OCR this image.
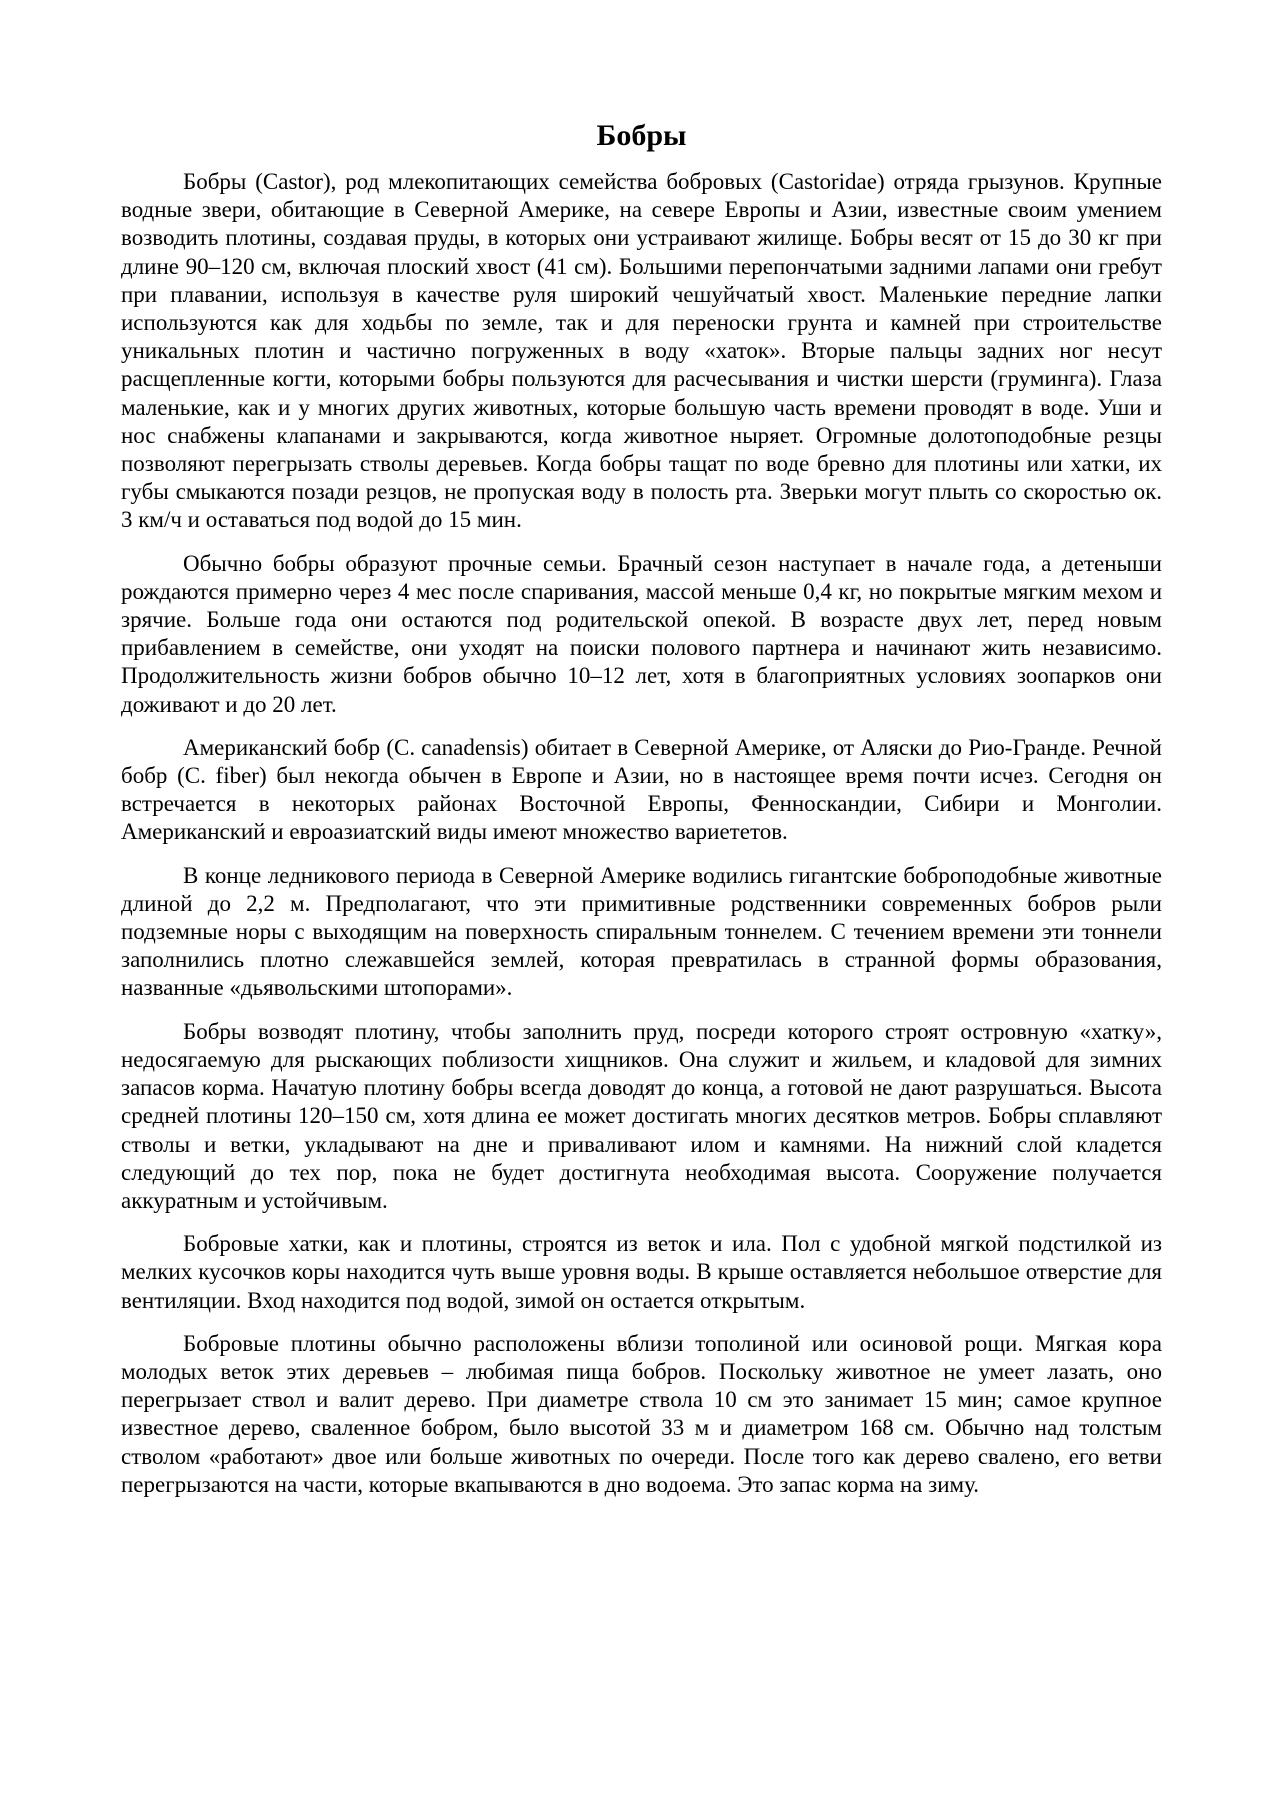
Бобры

Бобры (Castor), род млекопитающих семейства бобровых (Castoridae) отряда грызунов. Крупные водные звери, обитающие в Северной Америке, на севере Европы и Азии, известные своим умением возводить плотины, создавая пруды, в которых они устраивают жилище. Бобры весят от 15 до 30 кг при длине 90–120 см, включая плоский хвост (41 см). Большими перепончатыми задними лапами они гребут при плавании, используя в качестве руля широкий чешуйчатый хвост. Маленькие передние лапки используются как для ходьбы по земле, так и для переноски грунта и камней при строительстве уникальных плотин и частично погруженных в воду «хаток». Вторые пальцы задних ног несут расщепленные когти, которыми бобры пользуются для расчесывания и чистки шерсти (груминга). Глаза маленькие, как и у многих других животных, которые большую часть времени проводят в воде. Уши и нос снабжены клапанами и закрываются, когда животное ныряет. Огромные долотоподобные резцы позволяют перегрызать стволы деревьев. Когда бобры тащат по воде бревно для плотины или хатки, их губы смыкаются позади резцов, не пропуская воду в полость рта. Зверьки могут плыть со скоростью ок. 3 км/ч и оставаться под водой до 15 мин.

Обычно бобры образуют прочные семьи. Брачный сезон наступает в начале года, а детеныши рождаются примерно через 4 мес после спаривания, массой меньше 0,4 кг, но покрытые мягким мехом и зрячие. Больше года они остаются под родительской опекой. В возрасте двух лет, перед новым прибавлением в семействе, они уходят на поиски полового партнера и начинают жить независимо. Продолжительность жизни бобров обычно 10–12 лет, хотя в благоприятных условиях зоопарков они доживают и до 20 лет.

Американский бобр (C. canadensis) обитает в Северной Америке, от Аляски до Рио-Гранде. Речной бобр (C. fiber) был некогда обычен в Европе и Азии, но в настоящее время почти исчез. Сегодня он встречается в некоторых районах Восточной Европы, Фенноскандии, Сибири и Монголии. Американский и евроазиатский виды имеют множество вариететов.

В конце ледникового периода в Северной Америке водились гигантские боброподобные животные длиной до 2,2 м. Предполагают, что эти примитивные родственники современных бобров рыли подземные норы с выходящим на поверхность спиральным тоннелем. С течением времени эти тоннели заполнились плотно слежавшейся землей, которая превратилась в странной формы образования, названные «дьявольскими штопорами».

Бобры возводят плотину, чтобы заполнить пруд, посреди которого строят островную «хатку», недосягаемую для рыскающих поблизости хищников. Она служит и жильем, и кладовой для зимних запасов корма. Начатую плотину бобры всегда доводят до конца, а готовой не дают разрушаться. Высота средней плотины 120–150 см, хотя длина ее может достигать многих десятков метров. Бобры сплавляют стволы и ветки, укладывают на дне и приваливают илом и камнями. На нижний слой кладется следующий до тех пор, пока не будет достигнута необходимая высота. Сооружение получается аккуратным и устойчивым.

Бобровые хатки, как и плотины, строятся из веток и ила. Пол с удобной мягкой подстилкой из мелких кусочков коры находится чуть выше уровня воды. В крыше оставляется небольшое отверстие для вентиляции. Вход находится под водой, зимой он остается открытым.

Бобровые плотины обычно расположены вблизи тополиной или осиновой рощи. Мягкая кора молодых веток этих деревьев – любимая пища бобров. Поскольку животное не умеет лазать, оно перегрызает ствол и валит дерево. При диаметре ствола 10 см это занимает 15 мин; самое крупное известное дерево, сваленное бобром, было высотой 33 м и диаметром 168 см. Обычно над толстым стволом «работают» двое или больше животных по очереди. После того как дерево свалено, его ветви перегрызаются на части, которые вкапываются в дно водоема. Это запас корма на зиму.
